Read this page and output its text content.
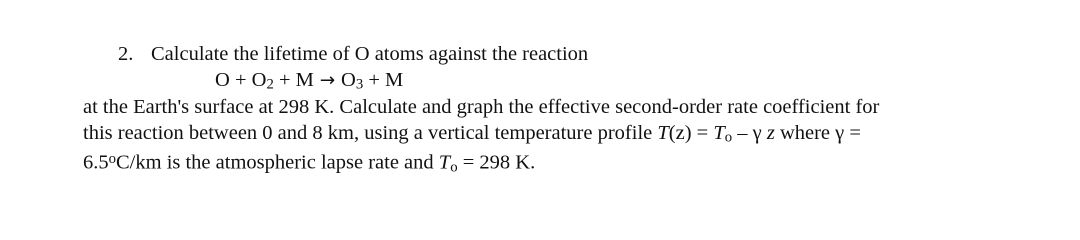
2. Calculate the lifetime of O atoms against the reaction
O + O2 + M → O3 + M
at the Earth's surface at 298 K. Calculate and graph the effective second-order rate coefficient for
this reaction between 0 and 8 km, using a vertical temperature profile T(z) = To – γ z where γ =
$6.5^oC/km$ is the atmospheric lapse rate and To = 298 K.
